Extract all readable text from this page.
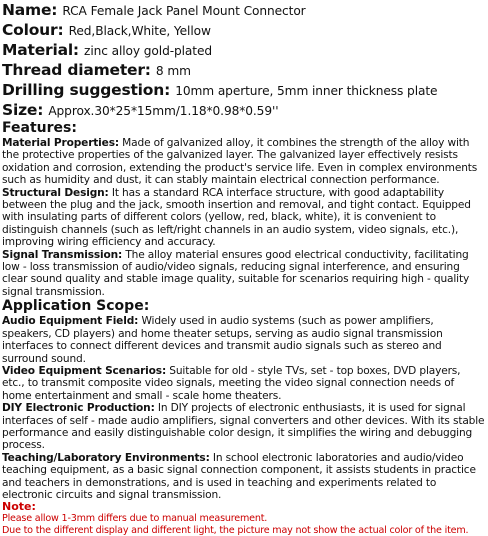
Name: RCA Female Jack Panel Mount Connector
Colour: Red,Black,White, Yellow
Material: zinc alloy gold-plated
Thread diameter: 8 mm
Drilling suggestion: 10mm aperture, 5mm inner thickness plate
Size: Approx.30*25*15mm/1.18*0.98*0.59''
Features:

Material Properties: Made of galvanized alloy, it combines the strength of the alloy with the protective properties of the galvanized layer. The galvanized layer effectively resists oxidation and corrosion, extending the product's service life. Even in complex environments such as humidity and dust, it can stably maintain electrical connection performance.

Structural Design: It has a standard RCA interface structure, with good adaptability between the plug and the jack, smooth insertion and removal, and tight contact. Equipped with insulating parts of different colors (yellow, red, black, white), it is convenient to distinguish channels (such as left/right channels in an audio system, video signals, etc.), improving wiring efficiency and accuracy.

Signal Transmission: The alloy material ensures good electrical conductivity, facilitating low - loss transmission of audio/video signals, reducing signal interference, and ensuring clear sound quality and stable image quality, suitable for scenarios requiring high - quality signal transmission.

Application Scope:

Audio Equipment Field: Widely used in audio systems (such as power amplifiers, speakers, CD players) and home theater setups, serving as audio signal transmission interfaces to connect different devices and transmit audio signals such as stereo and surround sound.

Video Equipment Scenarios: Suitable for old - style TVs, set - top boxes, DVD players, etc., to transmit composite video signals, meeting the video signal connection needs of home entertainment and small - scale home theaters.

DIY Electronic Production: In DIY projects of electronic enthusiasts, it is used for signal interfaces of self - made audio amplifiers, signal converters and other devices. With its stable performance and easily distinguishable color design, it simplifies the wiring and debugging process.

Teaching/Laboratory Environments: In school electronic laboratories and audio/video teaching equipment, as a basic signal connection component, it assists students in practice and teachers in demonstrations, and is used in teaching and experiments related to electronic circuits and signal transmission.

Note:
Please allow 1-3mm differs due to manual measurement.
Due to the different display and different light, the picture may not show the actual color of the item.
